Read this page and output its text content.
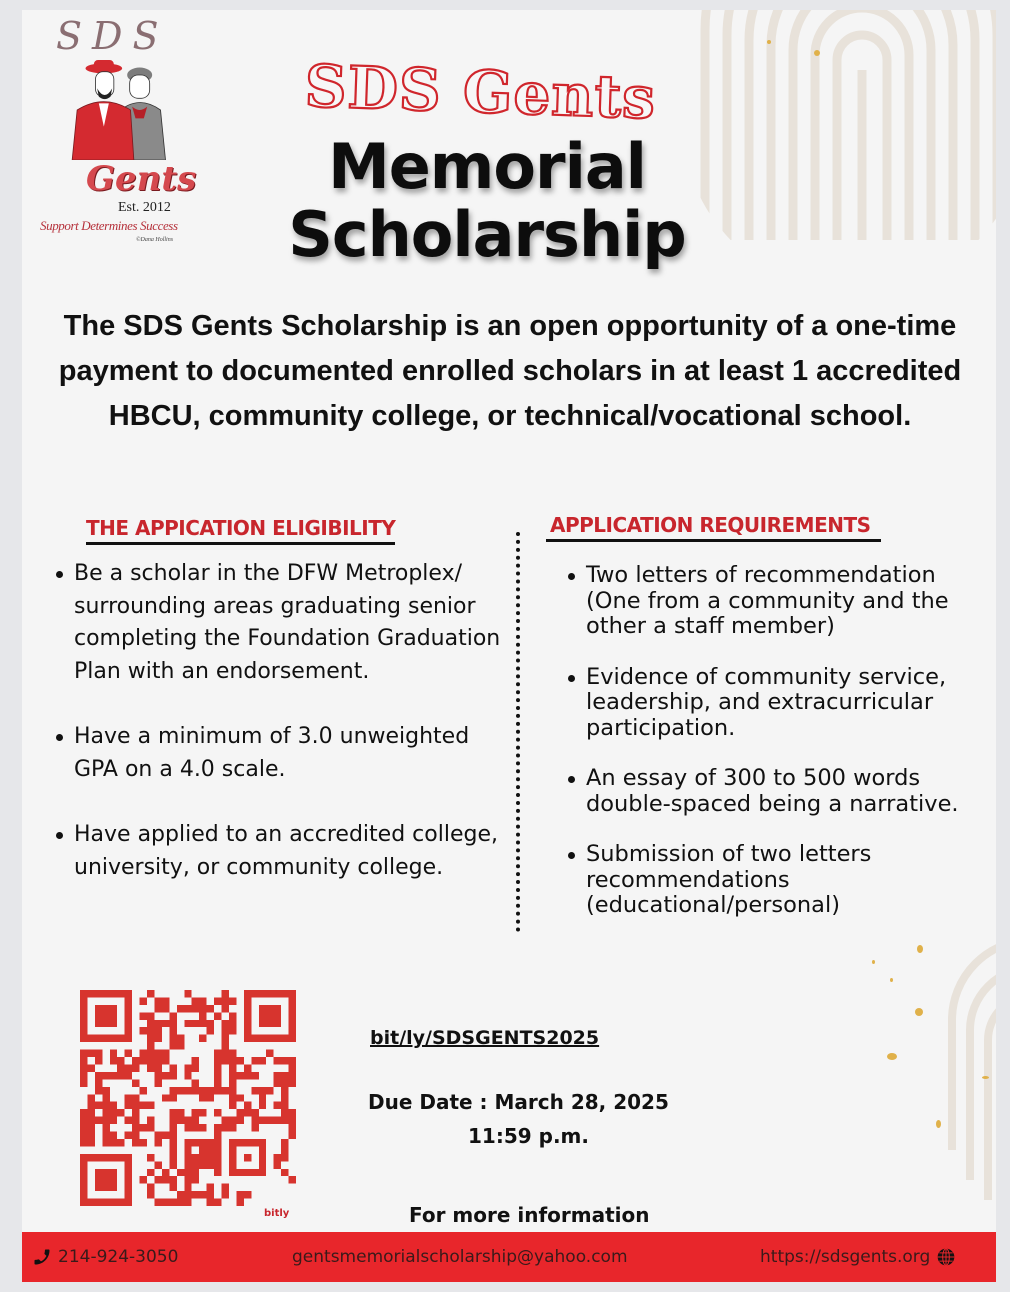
SDS
Gents
Est. 2012
Support Determines Success
©Dana Hollins
SDS Gents
Memorial
Scholarship
The SDS Gents Scholarship is an open opportunity of a one-time payment to documented enrolled scholars in at least 1 accredited HBCU, community college, or technical/vocational school.
THE APPICATION ELIGIBILITY
Be a scholar in the DFW Metroplex/ surrounding areas graduating senior completing the Foundation Graduation Plan with an endorsement.
Have a minimum of 3.0 unweighted GPA on a 4.0 scale.
Have applied to an accredited college, university, or community college.
APPLICATION REQUIREMENTS
Two letters of recommendation (One from a community and the other a staff member)
Evidence of community service, leadership, and extracurricular participation.
An essay of 300 to 500 words double-spaced being a narrative.
Submission of two letters recommendations (educational/personal)
bitly
bit/ly/SDSGENTS2025
Due Date : March 28, 2025
11:59 p.m.
For more information
214-924-3050	gentsmemorialscholarship@yahoo.com	https://sdsgents.org
